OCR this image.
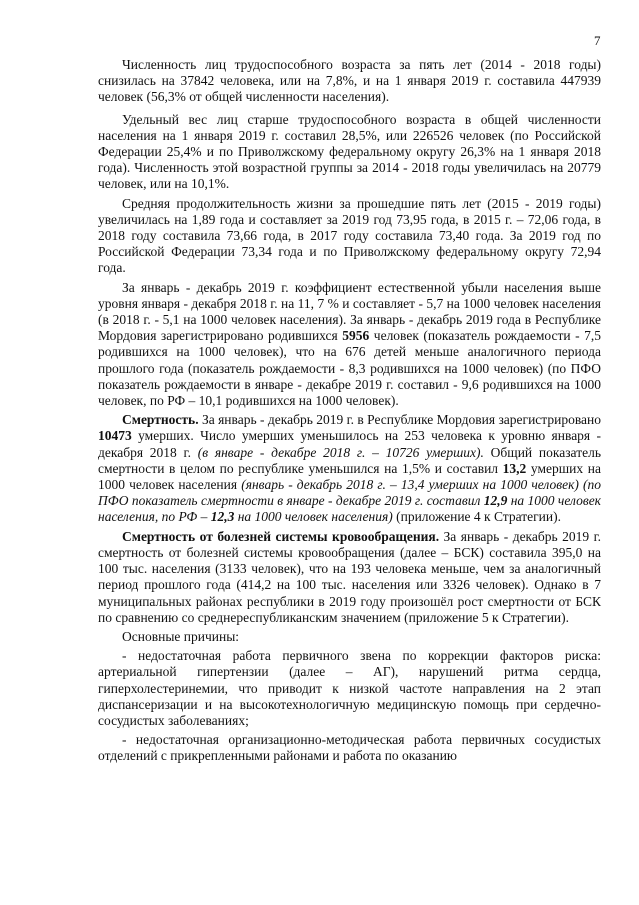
7

Численность лиц трудоспособного возраста за пять лет (2014 - 2018 годы) снизилась на 37842 человека, или на 7,8%, и на 1 января 2019 г. составила 447939 человек (56,3% от общей численности населения).

Удельный вес лиц старше трудоспособного возраста в общей численности населения на 1 января 2019 г. составил 28,5%, или 226526 человек (по Российской Федерации 25,4% и по Приволжскому федеральному округу 26,3% на 1 января 2018 года). Численность этой возрастной группы за 2014 - 2018 годы увеличилась на 20779 человек, или на 10,1%.

Средняя продолжительность жизни за прошедшие пять лет (2015 - 2019 годы) увеличилась на 1,89 года и составляет за 2019 год 73,95 года, в 2015 г. – 72,06 года, в 2018 году составила 73,66 года, в 2017 году составила 73,40 года. За 2019 год по Российской Федерации 73,34 года и по Приволжскому федеральному округу 72,94 года.

За январь - декабрь 2019 г. коэффициент естественной убыли населения выше уровня января - декабря 2018 г. на 11, 7 % и составляет - 5,7 на 1000 человек населения (в 2018 г. - 5,1 на 1000 человек населения). За январь - декабрь 2019 года в Республике Мордовия зарегистрировано родившихся 5956 человек (показатель рождаемости - 7,5 родившихся на 1000 человек), что на 676 детей меньше аналогичного периода прошлого года (показатель рождаемости - 8,3 родившихся на 1000 человек) (по ПФО показатель рождаемости в январе - декабре 2019 г. составил - 9,6 родившихся на 1000 человек, по РФ – 10,1 родившихся на 1000 человек).

Смертность. За январь - декабрь 2019 г. в Республике Мордовия зарегистрировано 10473 умерших. Число умерших уменьшилось на 253 человека к уровню января - декабря 2018 г. (в январе - декабре 2018 г. – 10726 умерших). Общий показатель смертности в целом по республике уменьшился на 1,5% и составил 13,2 умерших на 1000 человек населения (январь - декабрь 2018 г. – 13,4 умерших на 1000 человек) (по ПФО показатель смертности в январе - декабре 2019 г. составил 12,9 на 1000 человек населения, по РФ – 12,3 на 1000 человек населения) (приложение 4 к Стратегии).

Смертность от болезней системы кровообращения. За январь - декабрь 2019 г. смертность от болезней системы кровообращения (далее – БСК) составила 395,0 на 100 тыс. населения (3133 человек), что на 193 человека меньше, чем за аналогичный период прошлого года (414,2 на 100 тыс. населения или 3326 человек). Однако в 7 муниципальных районах республики в 2019 году произошёл рост смертности от БСК по сравнению со среднереспубликанским значением (приложение 5 к Стратегии).

Основные причины:

- недостаточная работа первичного звена по коррекции факторов риска: артериальной гипертензии (далее – АГ), нарушений ритма сердца, гиперхолестеринемии, что приводит к низкой частоте направления на 2 этап диспансеризации и на высокотехнологичную медицинскую помощь при сердечно-сосудистых заболеваниях;

- недостаточная организационно-методическая работа первичных сосудистых отделений с прикрепленными районами и работа по оказанию
